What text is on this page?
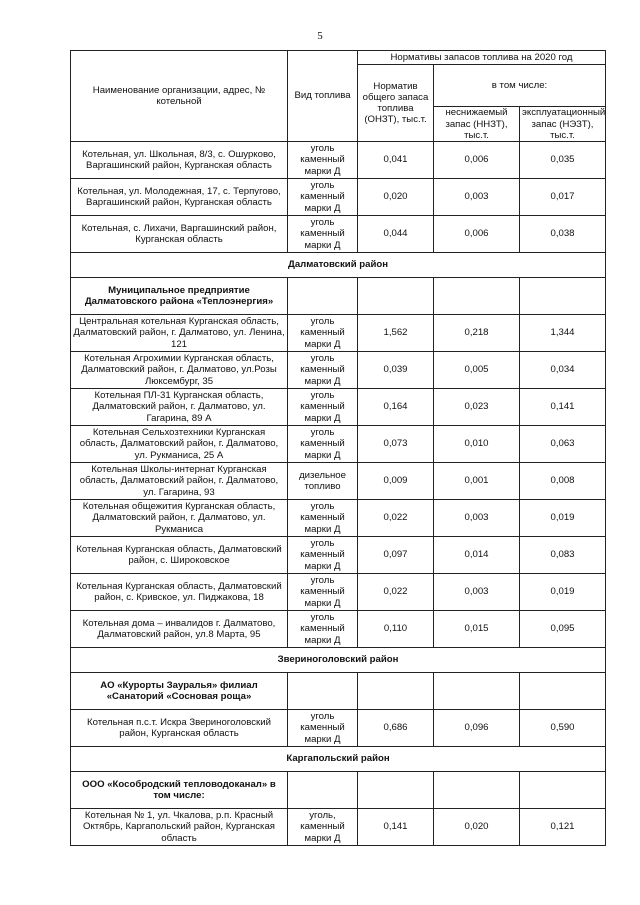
5
Наименование организации, адрес, № котельной	Вид топлива	Нормативы запасов топлива на 2020 год		
		Норматив общего запаса топлива (ОНЗТ), тыс.т.	в том числе:	
			неснижаемый запас (ННЗТ), тыс.т.	эксплуатационный запас (НЭЗТ), тыс.т.
Котельная, ул. Школьная, 8/3, с. Ошурково, Варгашинский район, Курганская область	уголь каменный марки Д	0,041	0,006	0,035
Котельная, ул. Молодежная, 17, с. Терпугово, Варгашинский район, Курганская область	уголь каменный марки Д	0,020	0,003	0,017
Котельная, с. Лихачи, Варгашинский район, Курганская область	уголь каменный марки Д	0,044	0,006	0,038
Далматовский район				
Муниципальное предприятие Далматовского района «Теплоэнергия»				
Центральная котельная Курганская область, Далматовский район, г. Далматово, ул. Ленина, 121	уголь каменный марки Д	1,562	0,218	1,344
Котельная Агрохимии Курганская область, Далматовский район, г. Далматово, ул.Розы Люксембург, 35	уголь каменный марки Д	0,039	0,005	0,034
Котельная ПЛ-31 Курганская область, Далматовский район, г. Далматово, ул. Гагарина, 89 А	уголь каменный марки Д	0,164	0,023	0,141
Котельная Сельхозтехники Курганская область, Далматовский район, г. Далматово, ул. Рукманиса, 25 А	уголь каменный марки Д	0,073	0,010	0,063
Котельная Школы-интернат Курганская область, Далматовский район, г. Далматово, ул. Гагарина, 93	дизельное топливо	0,009	0,001	0,008
Котельная общежития Курганская область, Далматовский район, г. Далматово, ул. Рукманиса	уголь каменный марки Д	0,022	0,003	0,019
Котельная Курганская область, Далматовский район, с. Широковское	уголь каменный марки Д	0,097	0,014	0,083
Котельная Курганская область, Далматовский район, с. Кривское, ул. Пиджакова, 18	уголь каменный марки Д	0,022	0,003	0,019
Котельная дома – инвалидов г. Далматово, Далматовский район, ул.8 Марта, 95	уголь каменный марки Д	0,110	0,015	0,095
Звериноголовский район				
АО «Курорты Зауралья» филиал «Санаторий «Сосновая роща»				
Котельная п.с.т. Искра Звериноголовский район, Курганская область	уголь каменный марки Д	0,686	0,096	0,590
Каргапольский район				
ООО «Кособродский тепловодоканал» в том числе:				
Котельная № 1, ул. Чкалова, р.п. Красный Октябрь, Каргапольский район, Курганская область	уголь, каменный марки Д	0,141	0,020	0,121
